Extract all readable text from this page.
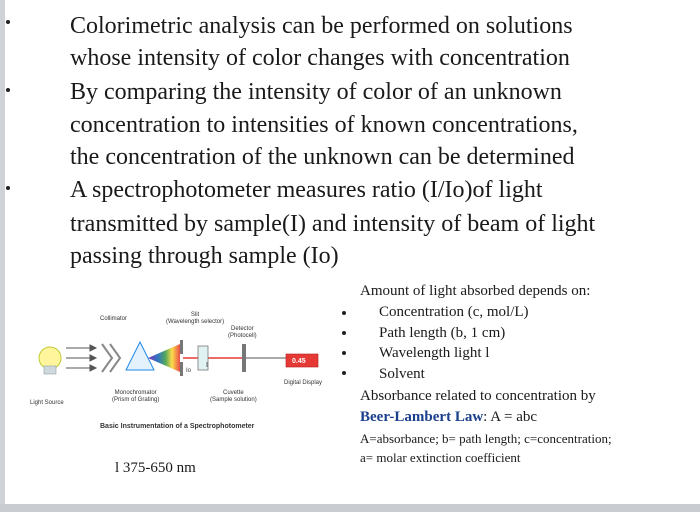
Colorimetric analysis can be performed on solutions
whose intensity of color changes with concentration
By comparing the intensity of color of an unknown
concentration to intensities of known concentrations,
the concentration of the unknown can be determined
A spectrophotometer measures ratio (I/Io)of light
transmitted by sample(I) and intensity of beam of light
passing through sample (Io)
Amount of light absorbed depends on:
Concentration (c, mol/L)
Path length (b, 1 cm)
Wavelength light l
Solvent
Absorbance related to concentration by
Beer-Lambert Law: A = abc
A=absorbance; b= path length; c=concentration;
a= molar extinction coefficient
Collimator
Slit
(Wavelength selector)
Detector
(Photocell)
0.45
Digital Display
I
Io
Light Source
Monochromator
(Prism of Grating)
Cuvette
(Sample solution)
Basic Instrumentation of a Spectrophotometer
l 375-650 nm
